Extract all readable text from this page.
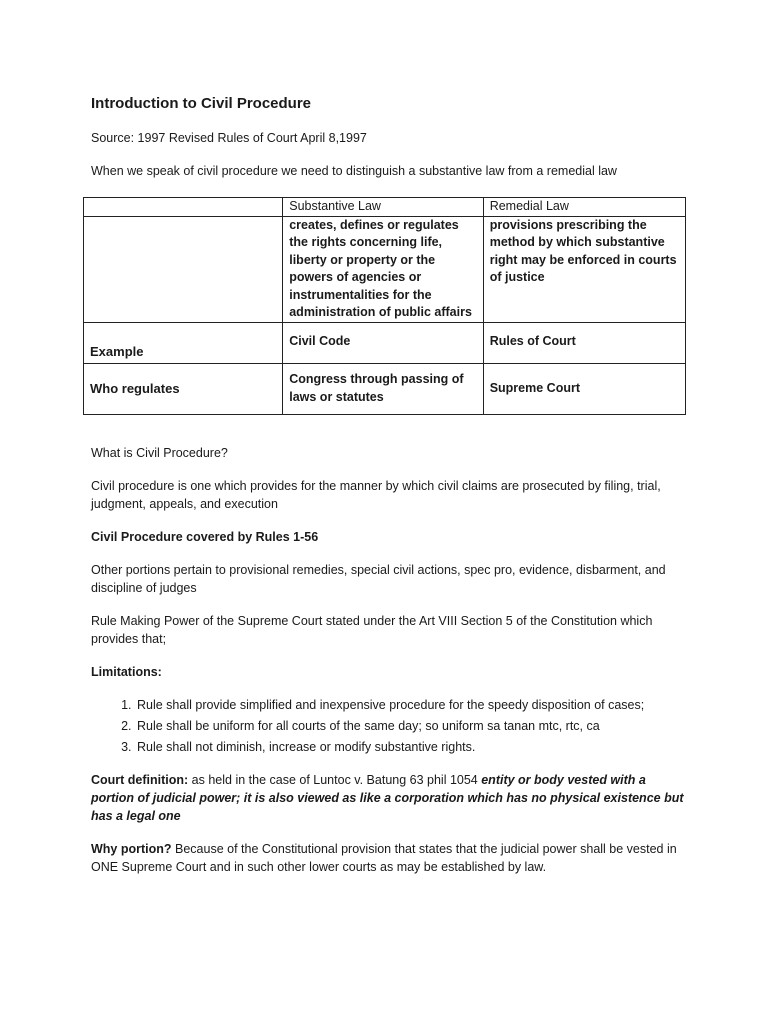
Introduction to Civil Procedure

Source: 1997 Revised Rules of Court April 8,1997

When we speak of civil procedure we need to distinguish a substantive law from a remedial law

	Substantive Law	Remedial Law
	creates, defines or regulates the rights concerning life, liberty or property or the powers of agencies or instrumentalities for the administration of public affairs	provisions prescribing the method by which substantive right may be enforced in courts of justice
Example	Civil Code	Rules of Court
Who regulates	Congress through passing of laws or statutes	Supreme Court

What is Civil Procedure?

Civil procedure is one which provides for the manner by which civil claims are prosecuted by filing, trial, judgment, appeals, and execution

Civil Procedure covered by Rules 1-56

Other portions pertain to provisional remedies, special civil actions, spec pro, evidence, disbarment, and discipline of judges

Rule Making Power of the Supreme Court stated under the Art VIII Section 5 of the Constitution which provides that;

Limitations:

1. Rule shall provide simplified and inexpensive procedure for the speedy disposition of cases;
2. Rule shall be uniform for all courts of the same day; so uniform sa tanan mtc, rtc, ca
3. Rule shall not diminish, increase or modify substantive rights.

Court definition: as held in the case of Luntoc v. Batung 63 phil 1054 entity or body vested with a portion of judicial power; it is also viewed as like a corporation which has no physical existence but has a legal one

Why portion? Because of the Constitutional provision that states that the judicial power shall be vested in ONE Supreme Court and in such other lower courts as may be established by law.
